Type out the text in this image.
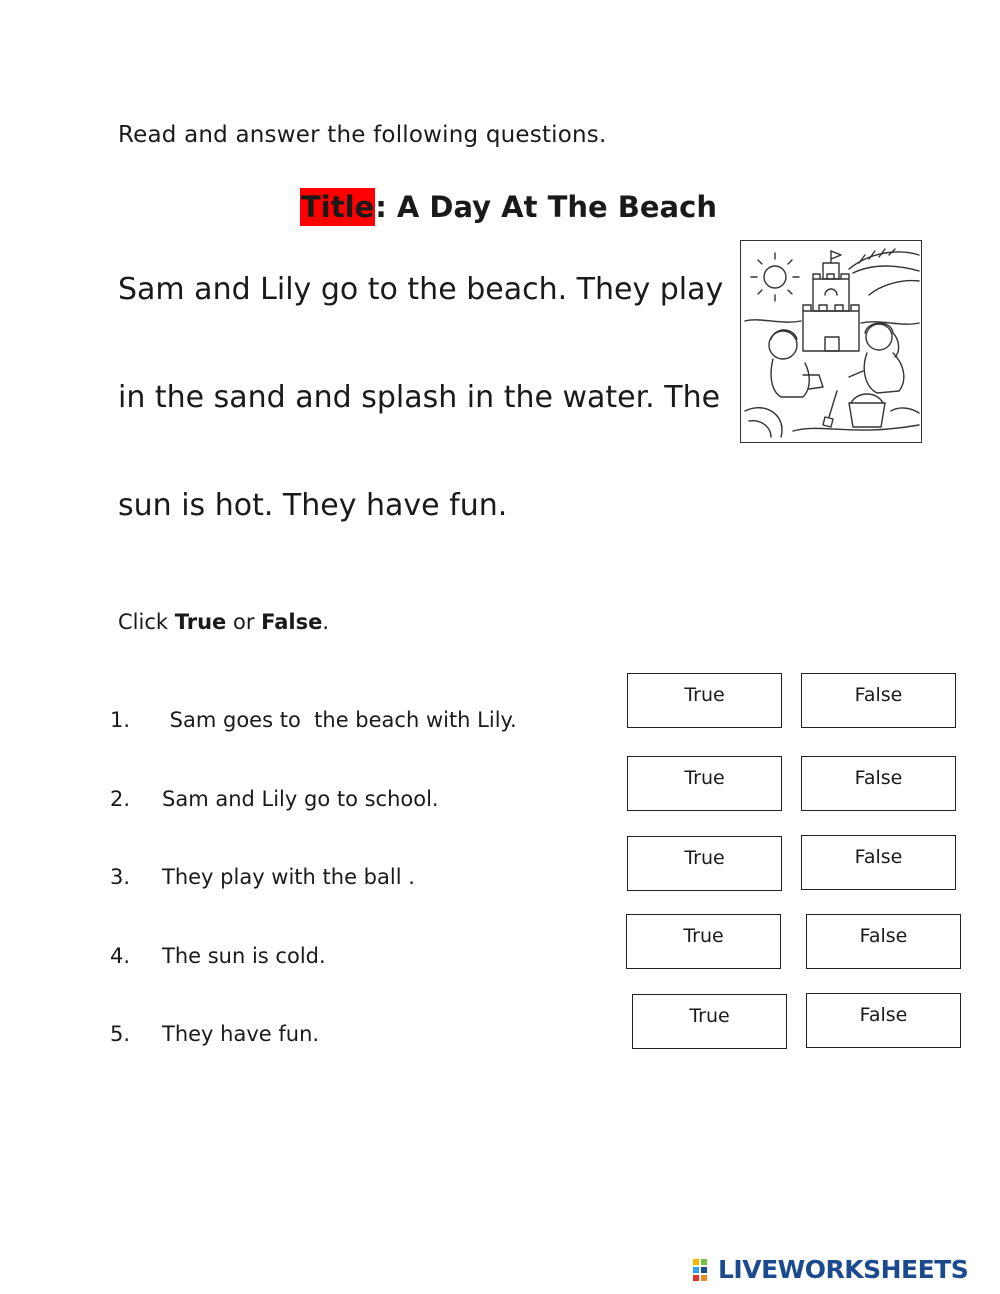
Read and answer the following questions.
Title: A Day At The Beach
Sam and Lily go to the beach. They play
in the sand and splash in the water. The
sun is hot. They have fun.
Click True or False.
1. Sam goes to  the beach with Lily.
True	False
2. Sam and Lily go to school.
True	False
3. They play with the ball .
True	False
4. The sun is cold.
True	False
5. They have fun.
True	False
LIVEWORKSHEETS
